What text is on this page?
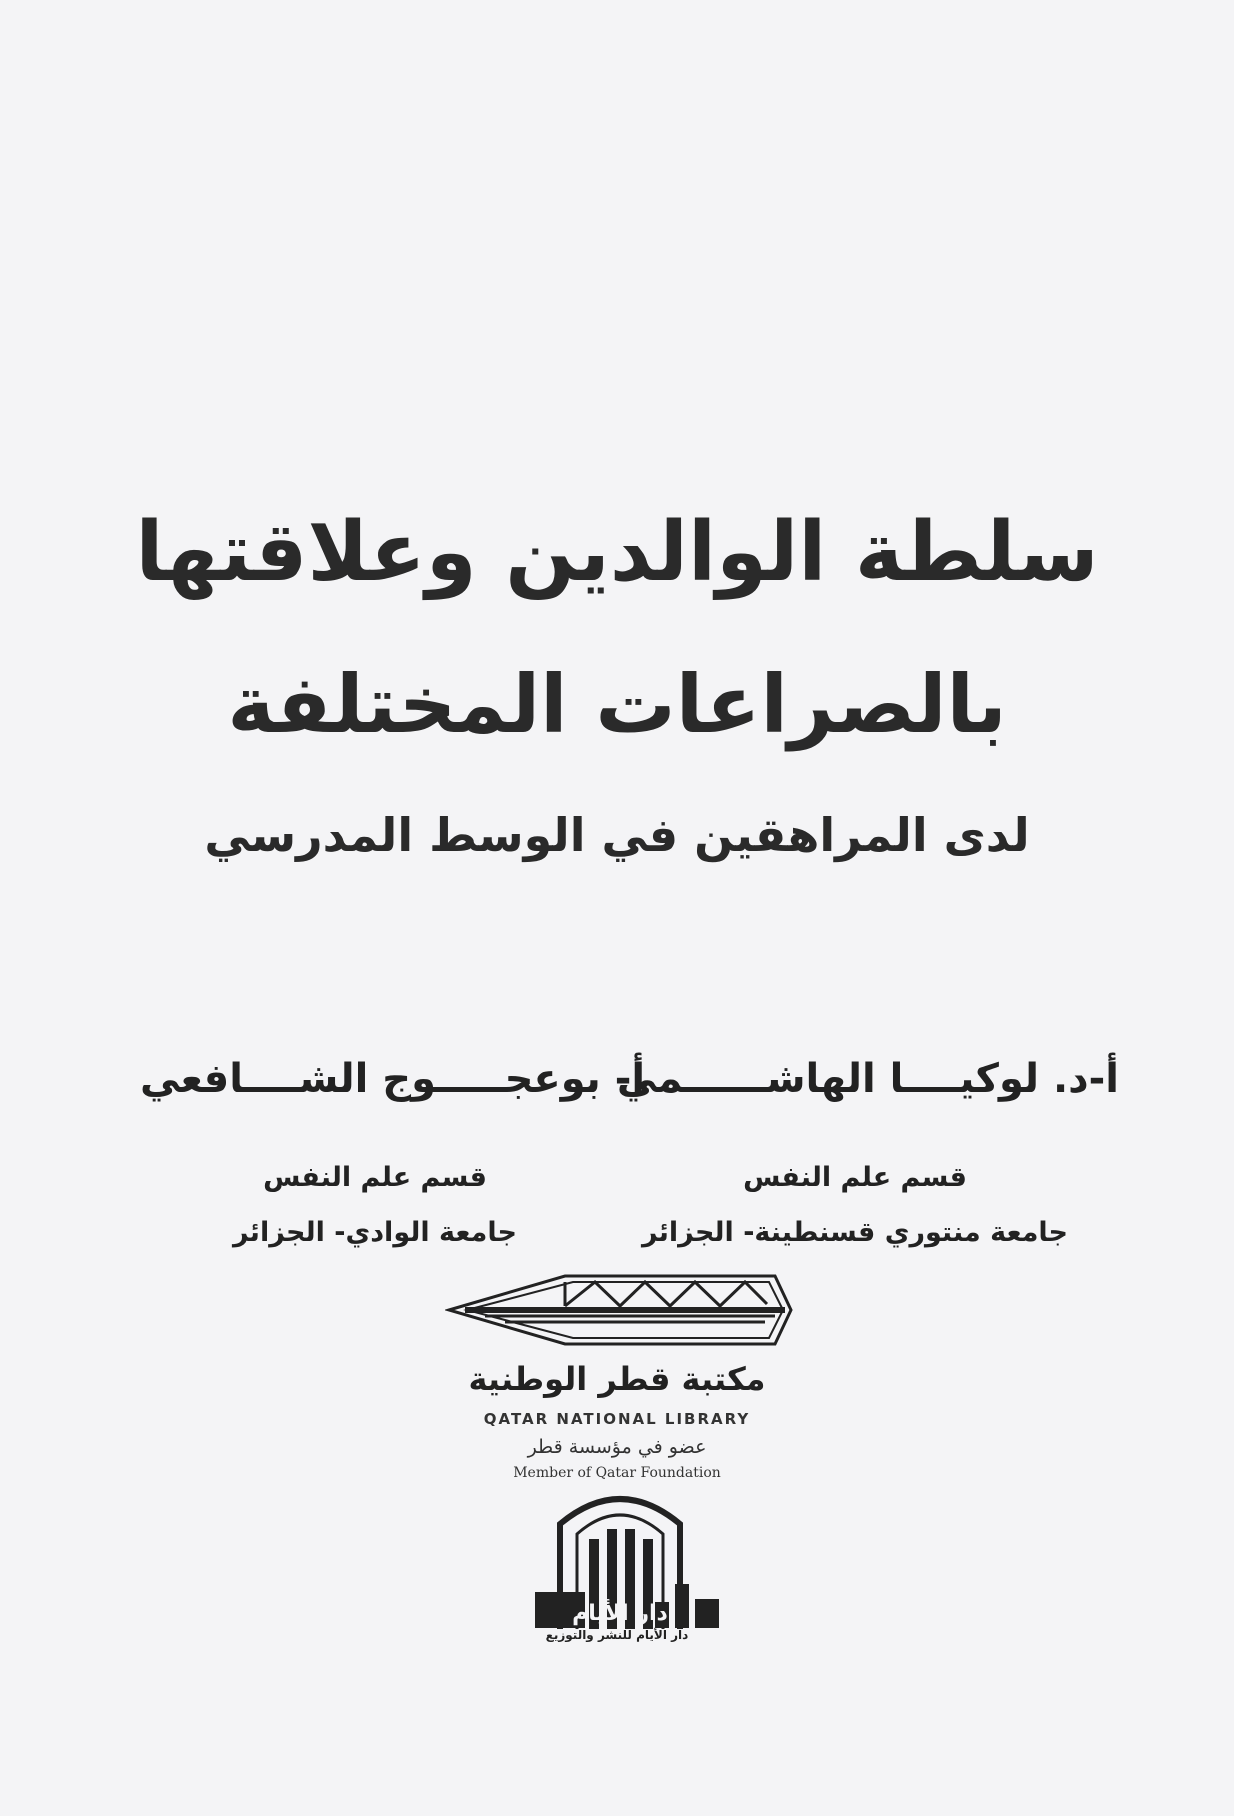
سلطة الوالدين وعلاقتها
بالصراعات المختلفة
لدى المراهقين في الوسط المدرسي
أ-د. لوكيــــا الهاشــــــمي
أ- بوعجـــــوج الشــــافعي
قسم علم النفس
جامعة منتوري قسنطينة- الجزائر
قسم علم النفس
جامعة الوادي- الجزائر
مكتبة قطر الوطنية
QATAR NATIONAL LIBRARY
عضو في مؤسسة قطر
Member of Qatar Foundation
دار الأيام
دار الأيام للنشر والتوزيع
